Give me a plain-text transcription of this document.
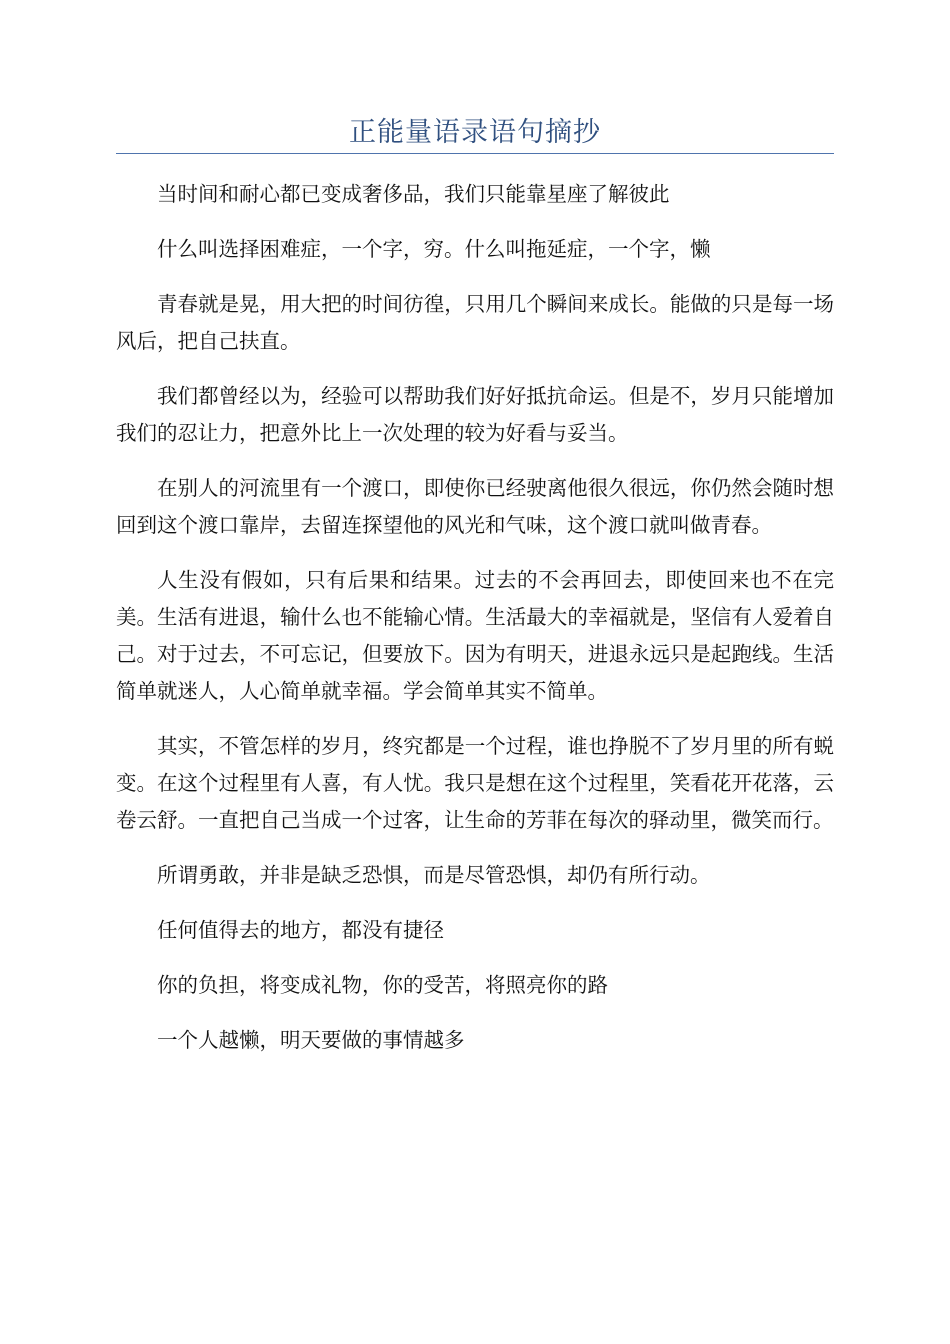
正能量语录语句摘抄

当时间和耐心都已变成奢侈品，我们只能靠星座了解彼此

什么叫选择困难症，一个字，穷。什么叫拖延症，一个字，懒

青春就是晃，用大把的时间彷徨，只用几个瞬间来成长。能做的只是每一场风后，把自己扶直。

我们都曾经以为，经验可以帮助我们好好抵抗命运。但是不，岁月只能增加我们的忍让力，把意外比上一次处理的较为好看与妥当。

在别人的河流里有一个渡口，即使你已经驶离他很久很远，你仍然会随时想回到这个渡口靠岸，去留连探望他的风光和气味，这个渡口就叫做青春。

人生没有假如，只有后果和结果。过去的不会再回去，即使回来也不在完美。生活有进退，输什么也不能输心情。生活最大的幸福就是，坚信有人爱着自己。对于过去，不可忘记，但要放下。因为有明天，进退永远只是起跑线。生活简单就迷人，人心简单就幸福。学会简单其实不简单。

其实，不管怎样的岁月，终究都是一个过程，谁也挣脱不了岁月里的所有蜕变。在这个过程里有人喜，有人忧。我只是想在这个过程里，笑看花开花落，云卷云舒。一直把自己当成一个过客，让生命的芳菲在每次的驿动里，微笑而行。

所谓勇敢，并非是缺乏恐惧，而是尽管恐惧，却仍有所行动。

任何值得去的地方，都没有捷径

你的负担，将变成礼物，你的受苦，将照亮你的路

一个人越懒，明天要做的事情越多
